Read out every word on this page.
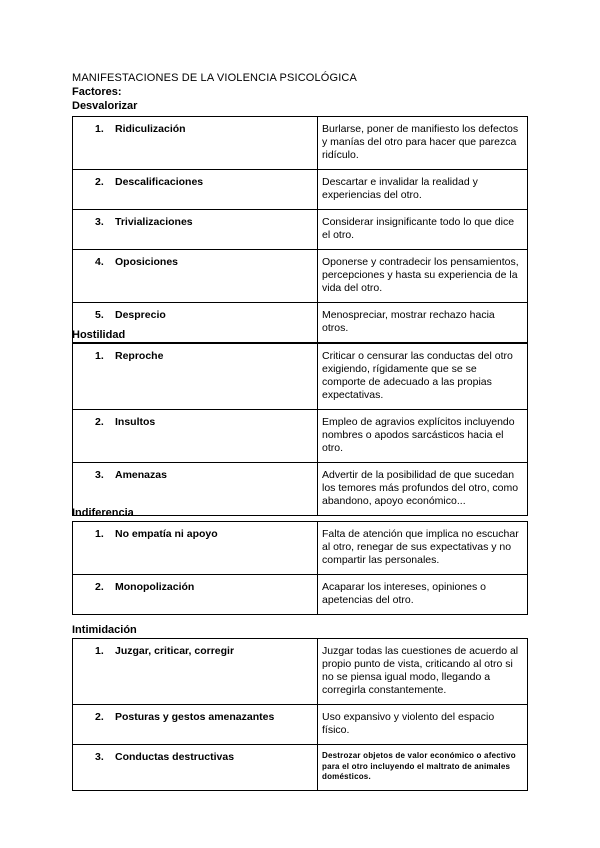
MANIFESTACIONES DE LA VIOLENCIA PSICOLÓGICA
Factores:
Desvalorizar
1. Ridiculización	Burlarse, poner de manifiesto los defectos y manías del otro para hacer que parezca ridículo.
2. Descalificaciones	Descartar e invalidar la realidad y experiencias del otro.
3. Trivializaciones	Considerar insignificante todo lo que dice el otro.
4. Oposiciones	Oponerse y contradecir los pensamientos, percepciones y hasta su experiencia de la vida del otro.
5. Desprecio	Menospreciar, mostrar rechazo hacia otros.
Hostilidad
1. Reproche	Criticar o censurar las conductas del otro exigiendo, rígidamente que se se comporte de adecuado a las propias expectativas.
2. Insultos	Empleo de agravios explícitos incluyendo nombres o apodos sarcásticos hacia el otro.
3. Amenazas	Advertir de la posibilidad de que sucedan los temores más profundos del otro, como abandono, apoyo económico...
Indiferencia
1. No empatía ni apoyo	Falta de atención que implica no escuchar al otro, renegar de sus expectativas y no compartir las personales.
2. Monopolización	Acaparar los intereses, opiniones o apetencias del otro.
Intimidación
1. Juzgar, criticar, corregir	Juzgar todas las cuestiones de acuerdo al propio punto de vista, criticando al otro si no se piensa igual modo, llegando a corregirla constantemente.
2. Posturas y gestos amenazantes	Uso expansivo y violento del espacio físico.
3. Conductas destructivas	Destrozar objetos de valor económico o afectivo para el otro incluyendo el maltrato de animales domésticos.
